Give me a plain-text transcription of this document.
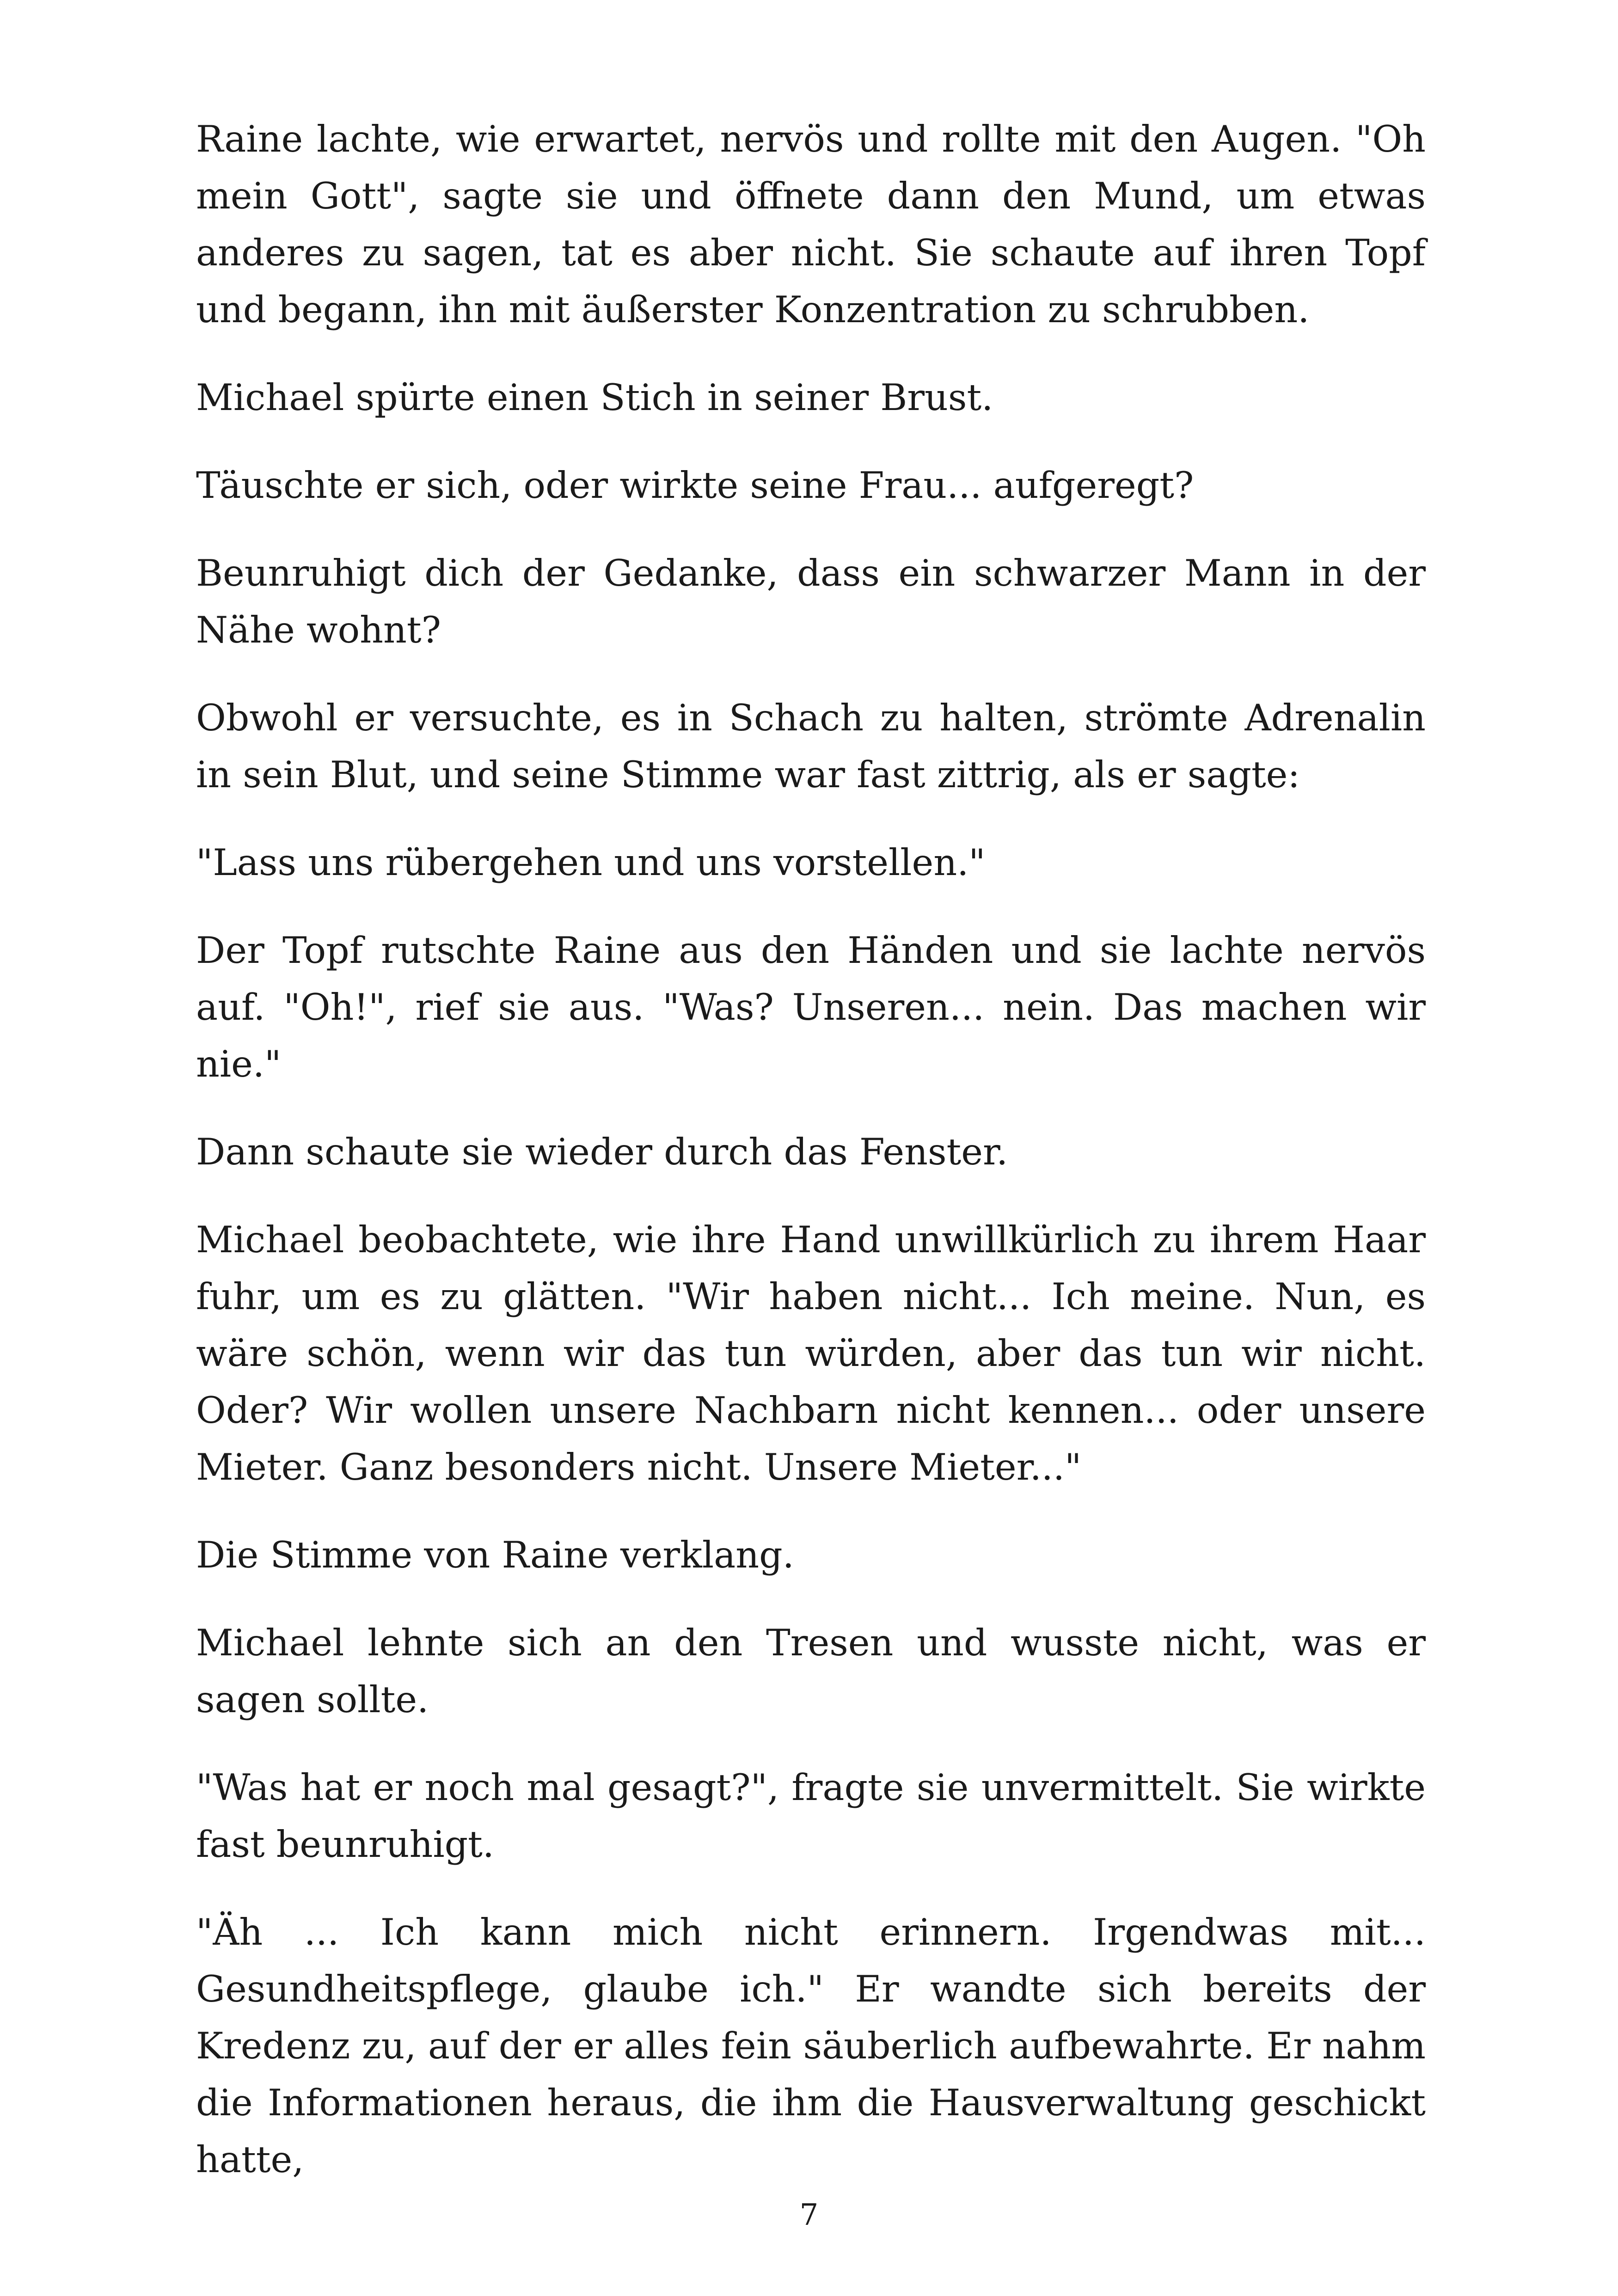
Raine lachte, wie erwartet, nervös und rollte mit den Augen. "Oh mein Gott", sagte sie und öffnete dann den Mund, um etwas anderes zu sagen, tat es aber nicht. Sie schaute auf ihren Topf und begann, ihn mit äußerster Konzentration zu schrubben.

Michael spürte einen Stich in seiner Brust.

Täuschte er sich, oder wirkte seine Frau... aufgeregt?

Beunruhigt dich der Gedanke, dass ein schwarzer Mann in der Nähe wohnt?

Obwohl er versuchte, es in Schach zu halten, strömte Adrenalin in sein Blut, und seine Stimme war fast zittrig, als er sagte:

"Lass uns rübergehen und uns vorstellen."

Der Topf rutschte Raine aus den Händen und sie lachte nervös auf. "Oh!", rief sie aus. "Was? Unseren... nein. Das machen wir nie."

Dann schaute sie wieder durch das Fenster.

Michael beobachtete, wie ihre Hand unwillkürlich zu ihrem Haar fuhr, um es zu glätten. "Wir haben nicht... Ich meine. Nun, es wäre schön, wenn wir das tun würden, aber das tun wir nicht. Oder? Wir wollen unsere Nachbarn nicht kennen... oder unsere Mieter. Ganz besonders nicht. Unsere Mieter..."

Die Stimme von Raine verklang.

Michael lehnte sich an den Tresen und wusste nicht, was er sagen sollte.

"Was hat er noch mal gesagt?", fragte sie unvermittelt. Sie wirkte fast beunruhigt.

"Äh ... Ich kann mich nicht erinnern. Irgendwas mit... Gesundheitspflege, glaube ich." Er wandte sich bereits der Kredenz zu, auf der er alles fein säuberlich aufbewahrte. Er nahm die Informationen heraus, die ihm die Hausverwaltung geschickt hatte,

7
